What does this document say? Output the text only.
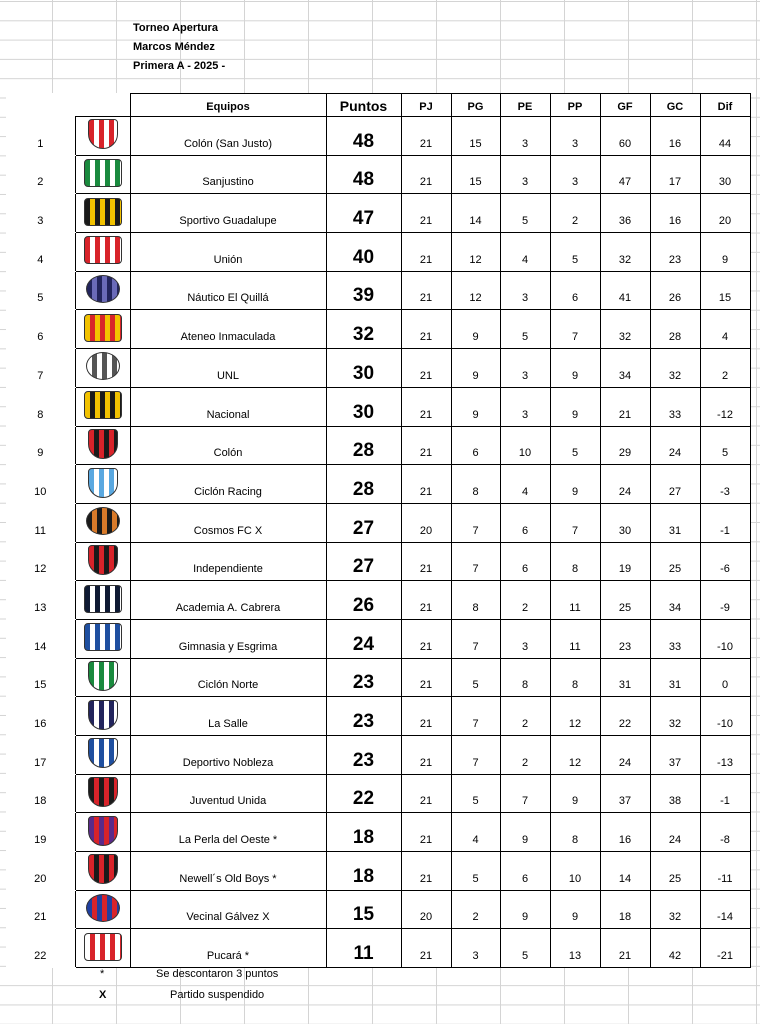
Torneo Apertura
Marcos Méndez
Primera A - 2025 -
		Equipos	Puntos	PJ	PG	PE	PP	GF	GC	Dif
1		Colón (San Justo)	48	21	15	3	3	60	16	44
2		Sanjustino	48	21	15	3	3	47	17	30
3		Sportivo Guadalupe	47	21	14	5	2	36	16	20
4		Unión	40	21	12	4	5	32	23	9
5		Náutico El Quillá	39	21	12	3	6	41	26	15
6		Ateneo Inmaculada	32	21	9	5	7	32	28	4
7		UNL	30	21	9	3	9	34	32	2
8		Nacional	30	21	9	3	9	21	33	-12
9		Colón	28	21	6	10	5	29	24	5
10		Ciclón Racing	28	21	8	4	9	24	27	-3
11		Cosmos FC X	27	20	7	6	7	30	31	-1
12		Independiente	27	21	7	6	8	19	25	-6
13		Academia A. Cabrera	26	21	8	2	11	25	34	-9
14		Gimnasia y Esgrima	24	21	7	3	11	23	33	-10
15		Ciclón Norte	23	21	5	8	8	31	31	0
16		La Salle	23	21	7	2	12	22	32	-10
17		Deportivo Nobleza	23	21	7	2	12	24	37	-13
18		Juventud Unida	22	21	5	7	9	37	38	-1
19		La Perla del Oeste *	18	21	4	9	8	16	24	-8
20		Newell´s Old Boys *	18	21	5	6	10	14	25	-11
21		Vecinal Gálvez X	15	20	2	9	9	18	32	-14
22		Pucará *	11	21	3	5	13	21	42	-21
*	Se descontaron 3 puntos
X	Partido suspendido
